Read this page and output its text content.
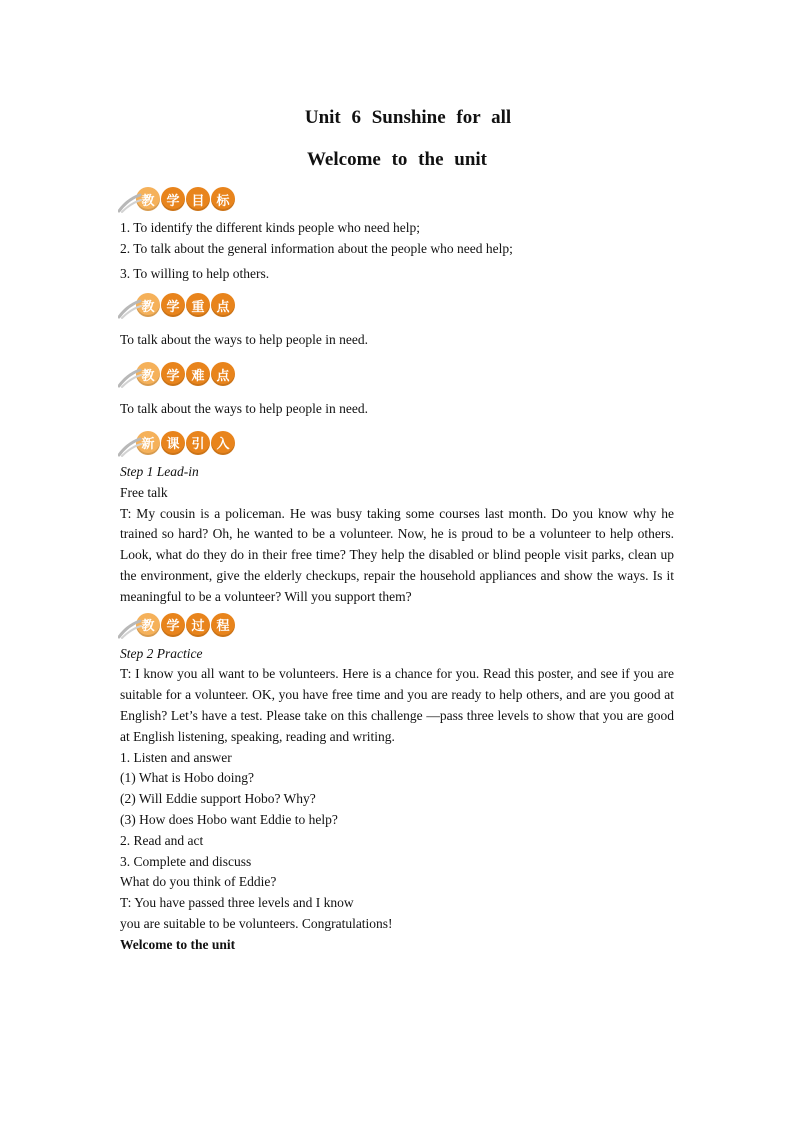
Unit 6 Sunshine for all
Welcome to the unit
教 学 目 标

1. To identify the different kinds people who need help;

2. To talk about the general information about the people who need help;

3. To willing to help others.

教 学 重 点

To talk about the ways to help people in need.

教 学 难 点

To talk about the ways to help people in need.

新 课 引 入

Step 1 Lead-in

Free talk

T: My cousin is a policeman. He was busy taking some courses last month. Do you know why he trained so hard? Oh, he wanted to be a volunteer. Now, he is proud to be a volunteer to help others. Look, what do they do in their free time? They help the disabled or blind people visit parks, clean up the environment, give the elderly checkups, repair the household appliances and show the ways. Is it meaningful to be a volunteer? Will you support them?

教 学 过 程

Step 2 Practice

T: I know you all want to be volunteers. Here is a chance for you. Read this poster, and see if you are suitable for a volunteer. OK, you have free time and you are ready to help others, and are you good at English? Let’s have a test. Please take on this challenge —pass three levels to show that you are good at English listening, speaking, reading and writing.

1. Listen and answer

(1) What is Hobo doing?

(2) Will Eddie support Hobo? Why?

(3) How does Hobo want Eddie to help?

2. Read and act

3. Complete and discuss

What do you think of Eddie?

T: You have passed three levels and I know

you are suitable to be volunteers. Congratulations!

Welcome to the unit
